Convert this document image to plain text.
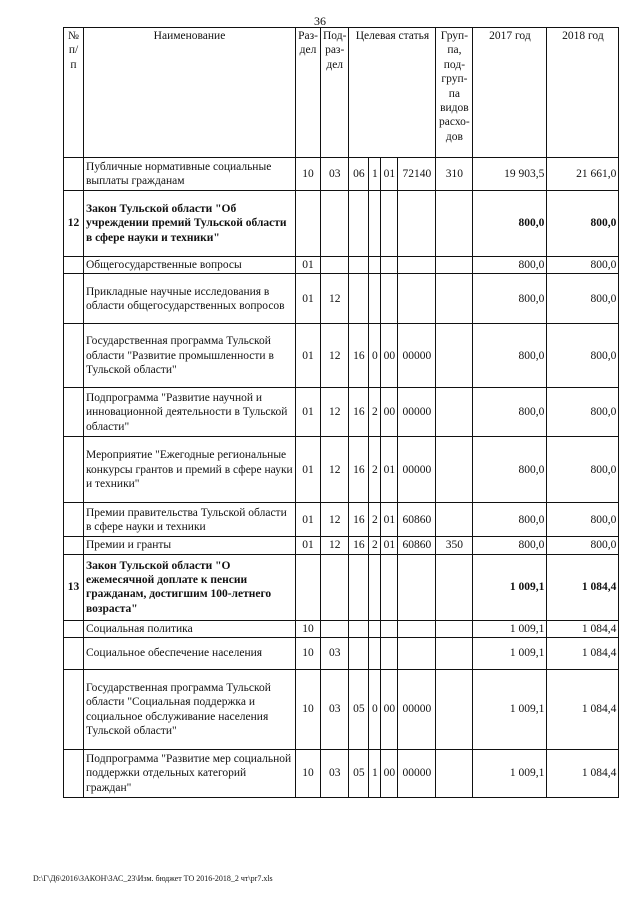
36
№ п/п	Наименование	Раз-дел	Под-раз-дел	Целевая статья				Груп-па, под-груп-па видов расхо-дов	2017 год	2018 год
	Публичные нормативные социальные выплаты гражданам	10	03	06	1	01	72140	310	19 903,5	21 661,0
12	Закон Тульской области "Об учреждении премий Тульской области в сфере науки и техники"								800,0	800,0
	Общегосударственные вопросы	01							800,0	800,0
	Прикладные научные исследования в области общегосударственных вопросов	01	12						800,0	800,0
	Государственная программа Тульской области "Развитие промышленности в Тульской области"	01	12	16	0	00	00000		800,0	800,0
	Подпрограмма "Развитие научной и инновационной деятельности в Тульской области"	01	12	16	2	00	00000		800,0	800,0
	Мероприятие "Ежегодные региональные конкурсы грантов и премий в сфере науки и техники"	01	12	16	2	01	00000		800,0	800,0
	Премии правительства Тульской области в сфере науки и техники	01	12	16	2	01	60860		800,0	800,0
	Премии и гранты	01	12	16	2	01	60860	350	800,0	800,0
13	Закон Тульской области "О ежемесячной доплате к пенсии гражданам, достигшим 100-летнего возраста"								1 009,1	1 084,4
	Социальная политика	10							1 009,1	1 084,4
	Социальное обеспечение населения	10	03						1 009,1	1 084,4
	Государственная программа Тульской области "Социальная поддержка и социальное обслуживание населения Тульской области"	10	03	05	0	00	00000		1 009,1	1 084,4
	Подпрограмма "Развитие мер социальной поддержки отдельных категорий граждан"	10	03	05	1	00	00000		1 009,1	1 084,4
D:\Г\Д6\2016\ЗАКОН\ЗАС_23\Изм. бюджет ТО 2016-2018_2 чт\pr7.xls
